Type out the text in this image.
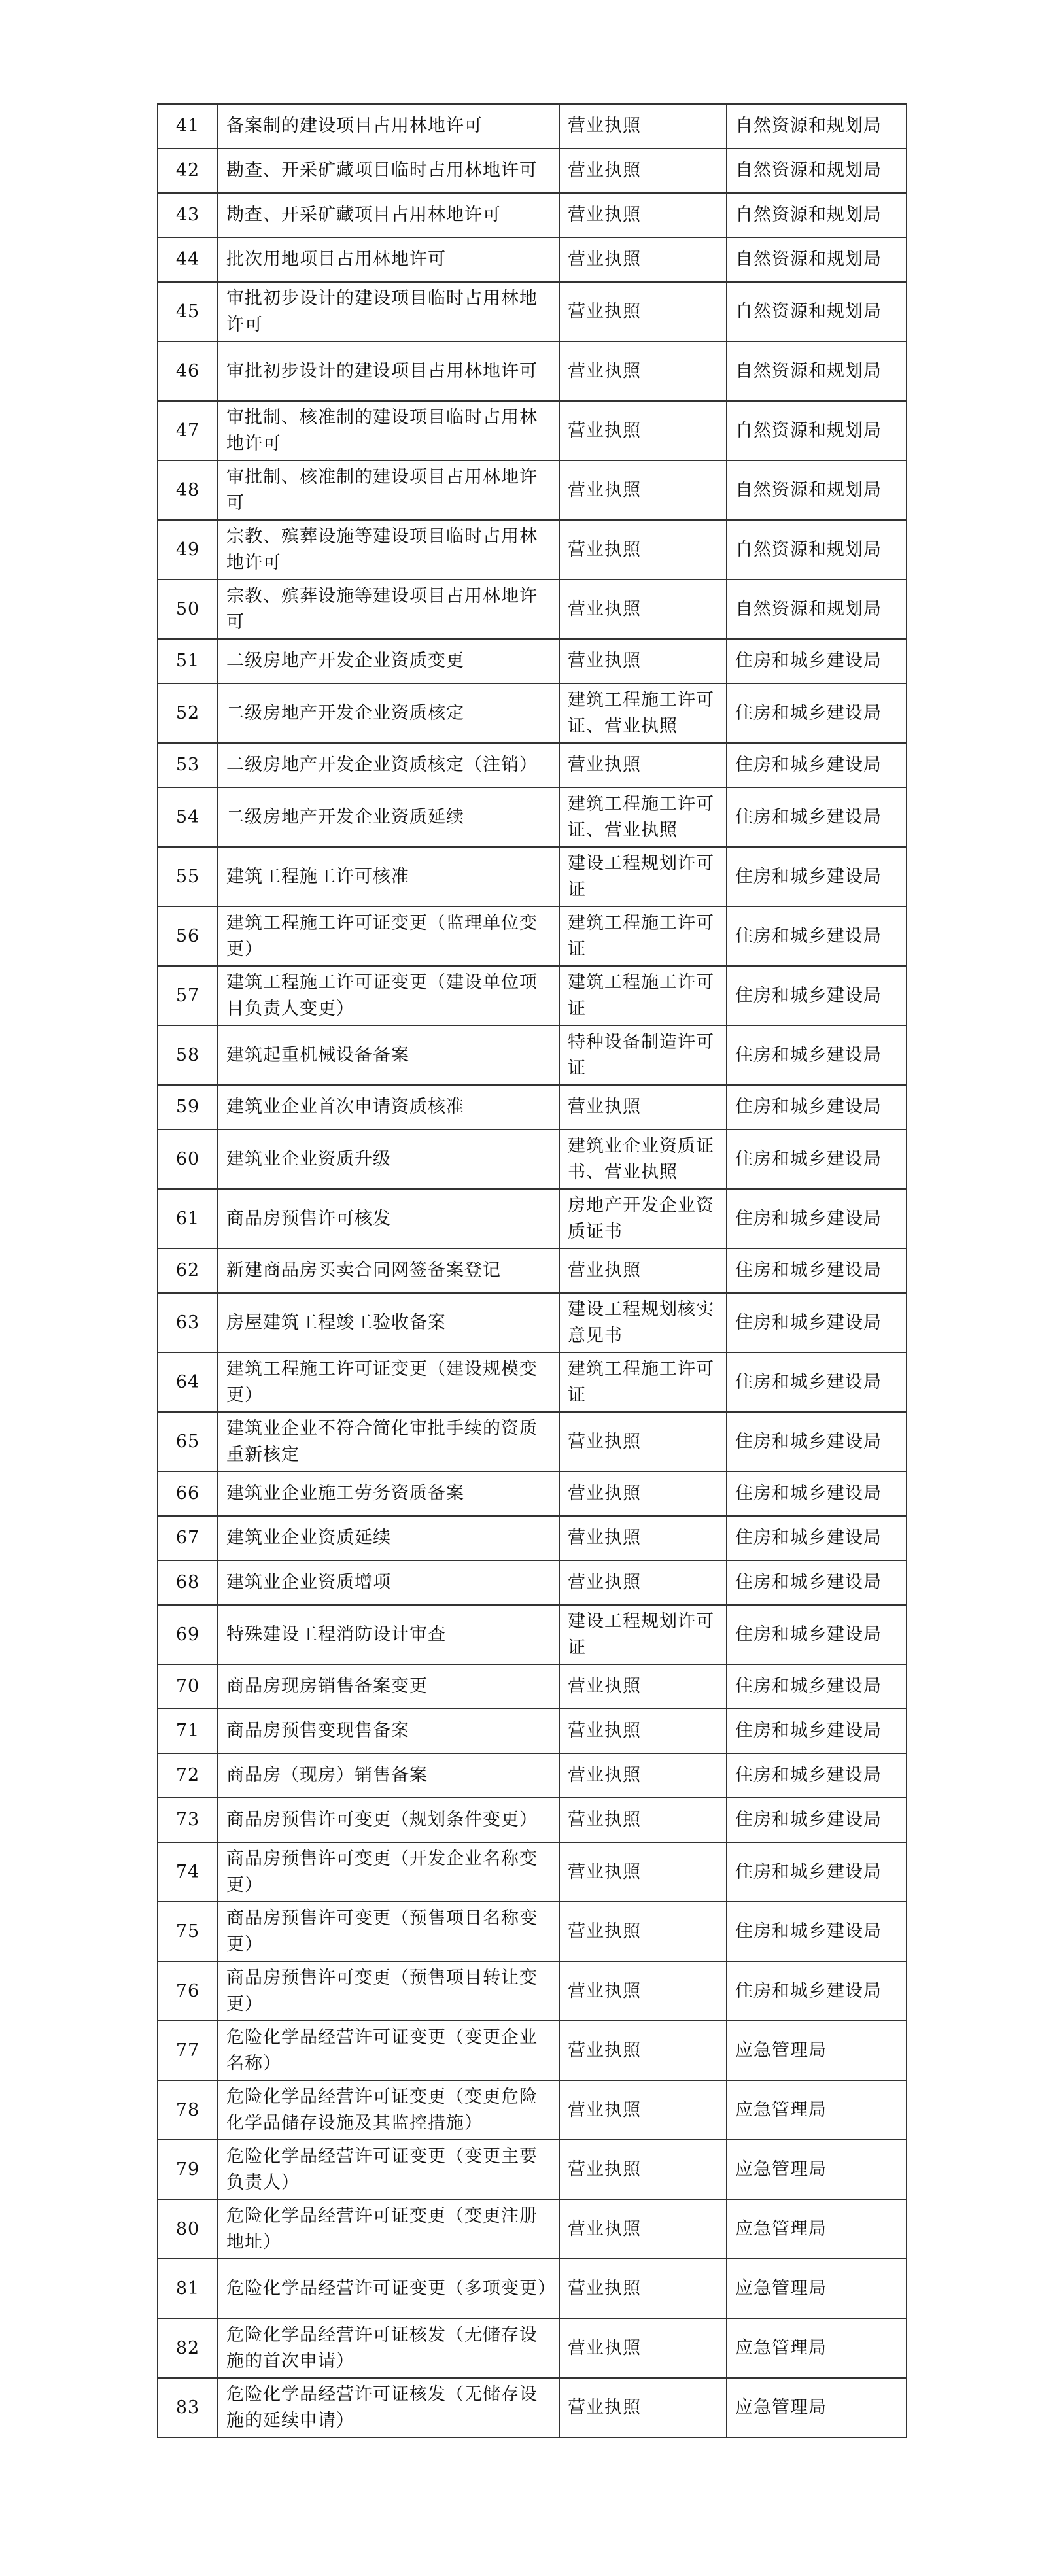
41	备案制的建设项目占用林地许可	营业执照	自然资源和规划局
42	勘查、开采矿藏项目临时占用林地许可	营业执照	自然资源和规划局
43	勘查、开采矿藏项目占用林地许可	营业执照	自然资源和规划局
44	批次用地项目占用林地许可	营业执照	自然资源和规划局
45	审批初步设计的建设项目临时占用林地许可	营业执照	自然资源和规划局
46	审批初步设计的建设项目占用林地许可	营业执照	自然资源和规划局
47	审批制、核准制的建设项目临时占用林地许可	营业执照	自然资源和规划局
48	审批制、核准制的建设项目占用林地许可	营业执照	自然资源和规划局
49	宗教、殡葬设施等建设项目临时占用林地许可	营业执照	自然资源和规划局
50	宗教、殡葬设施等建设项目占用林地许可	营业执照	自然资源和规划局
51	二级房地产开发企业资质变更	营业执照	住房和城乡建设局
52	二级房地产开发企业资质核定	建筑工程施工许可证、营业执照	住房和城乡建设局
53	二级房地产开发企业资质核定（注销）	营业执照	住房和城乡建设局
54	二级房地产开发企业资质延续	建筑工程施工许可证、营业执照	住房和城乡建设局
55	建筑工程施工许可核准	建设工程规划许可证	住房和城乡建设局
56	建筑工程施工许可证变更（监理单位变更）	建筑工程施工许可证	住房和城乡建设局
57	建筑工程施工许可证变更（建设单位项目负责人变更）	建筑工程施工许可证	住房和城乡建设局
58	建筑起重机械设备备案	特种设备制造许可证	住房和城乡建设局
59	建筑业企业首次申请资质核准	营业执照	住房和城乡建设局
60	建筑业企业资质升级	建筑业企业资质证书、营业执照	住房和城乡建设局
61	商品房预售许可核发	房地产开发企业资质证书	住房和城乡建设局
62	新建商品房买卖合同网签备案登记	营业执照	住房和城乡建设局
63	房屋建筑工程竣工验收备案	建设工程规划核实意见书	住房和城乡建设局
64	建筑工程施工许可证变更（建设规模变更）	建筑工程施工许可证	住房和城乡建设局
65	建筑业企业不符合简化审批手续的资质重新核定	营业执照	住房和城乡建设局
66	建筑业企业施工劳务资质备案	营业执照	住房和城乡建设局
67	建筑业企业资质延续	营业执照	住房和城乡建设局
68	建筑业企业资质增项	营业执照	住房和城乡建设局
69	特殊建设工程消防设计审查	建设工程规划许可证	住房和城乡建设局
70	商品房现房销售备案变更	营业执照	住房和城乡建设局
71	商品房预售变现售备案	营业执照	住房和城乡建设局
72	商品房（现房）销售备案	营业执照	住房和城乡建设局
73	商品房预售许可变更（规划条件变更）	营业执照	住房和城乡建设局
74	商品房预售许可变更（开发企业名称变更）	营业执照	住房和城乡建设局
75	商品房预售许可变更（预售项目名称变更）	营业执照	住房和城乡建设局
76	商品房预售许可变更（预售项目转让变更）	营业执照	住房和城乡建设局
77	危险化学品经营许可证变更（变更企业名称）	营业执照	应急管理局
78	危险化学品经营许可证变更（变更危险化学品储存设施及其监控措施）	营业执照	应急管理局
79	危险化学品经营许可证变更（变更主要负责人）	营业执照	应急管理局
80	危险化学品经营许可证变更（变更注册地址）	营业执照	应急管理局
81	危险化学品经营许可证变更（多项变更）	营业执照	应急管理局
82	危险化学品经营许可证核发（无储存设施的首次申请）	营业执照	应急管理局
83	危险化学品经营许可证核发（无储存设施的延续申请）	营业执照	应急管理局
